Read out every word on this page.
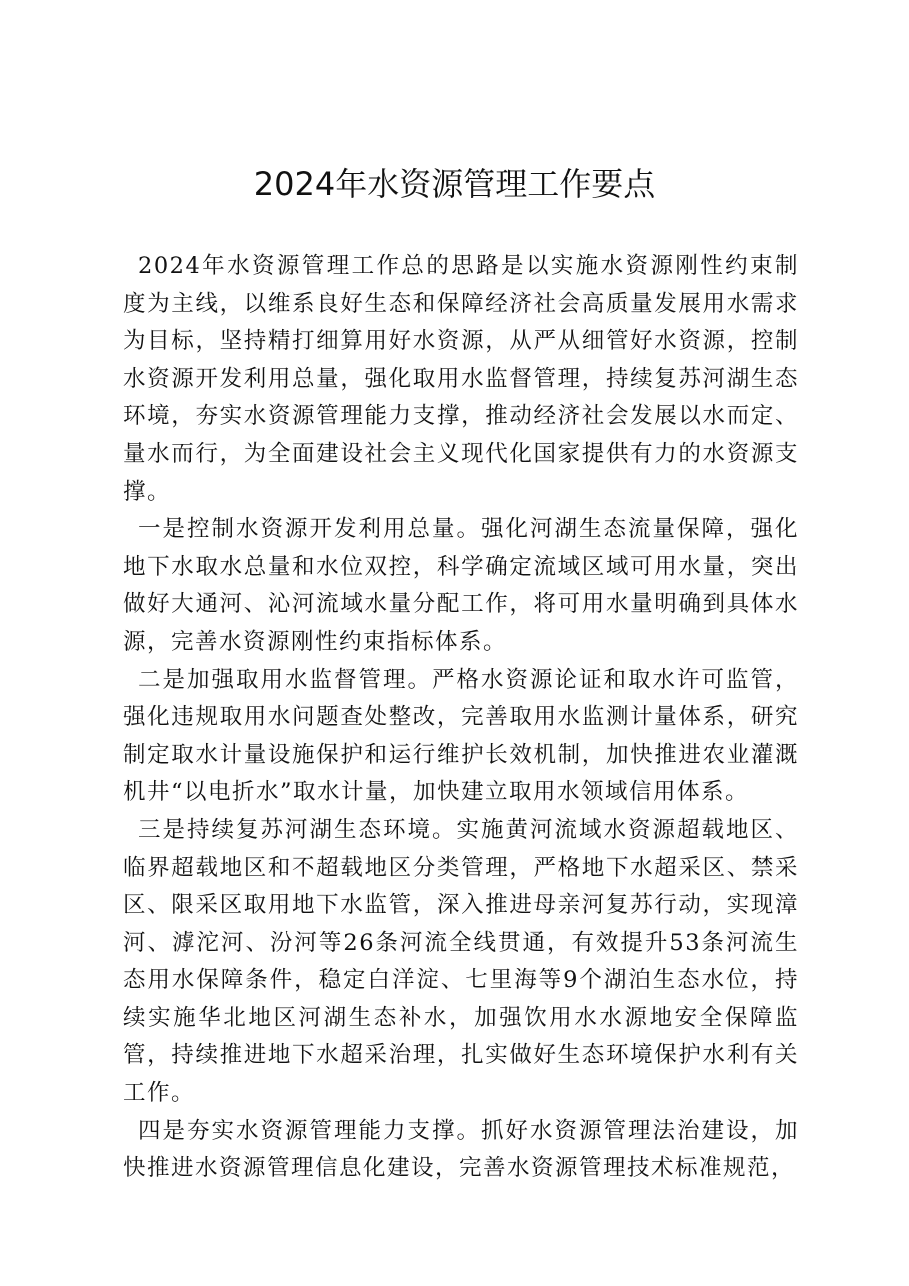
2024年水资源管理工作要点

2024年水资源管理工作总的思路是以实施水资源刚性约束制度为主线，以维系良好生态和保障经济社会高质量发展用水需求为目标，坚持精打细算用好水资源，从严从细管好水资源，控制水资源开发利用总量，强化取用水监督管理，持续复苏河湖生态环境，夯实水资源管理能力支撑，推动经济社会发展以水而定、量水而行，为全面建设社会主义现代化国家提供有力的水资源支撑。

一是控制水资源开发利用总量。强化河湖生态流量保障，强化地下水取水总量和水位双控，科学确定流域区域可用水量，突出做好大通河、沁河流域水量分配工作，将可用水量明确到具体水源，完善水资源刚性约束指标体系。

二是加强取用水监督管理。严格水资源论证和取水许可监管，强化违规取用水问题查处整改，完善取用水监测计量体系，研究制定取水计量设施保护和运行维护长效机制，加快推进农业灌溉机井“以电折水”取水计量，加快建立取用水领域信用体系。

三是持续复苏河湖生态环境。实施黄河流域水资源超载地区、临界超载地区和不超载地区分类管理，严格地下水超采区、禁采区、限采区取用地下水监管，深入推进母亲河复苏行动，实现漳河、滹沱河、汾河等26条河流全线贯通，有效提升53条河流生态用水保障条件，稳定白洋淀、七里海等9个湖泊生态水位，持续实施华北地区河湖生态补水，加强饮用水水源地安全保障监管，持续推进地下水超采治理，扎实做好生态环境保护水利有关工作。

四是夯实水资源管理能力支撑。抓好水资源管理法治建设，加快推进水资源管理信息化建设，完善水资源管理技术标准规范，
